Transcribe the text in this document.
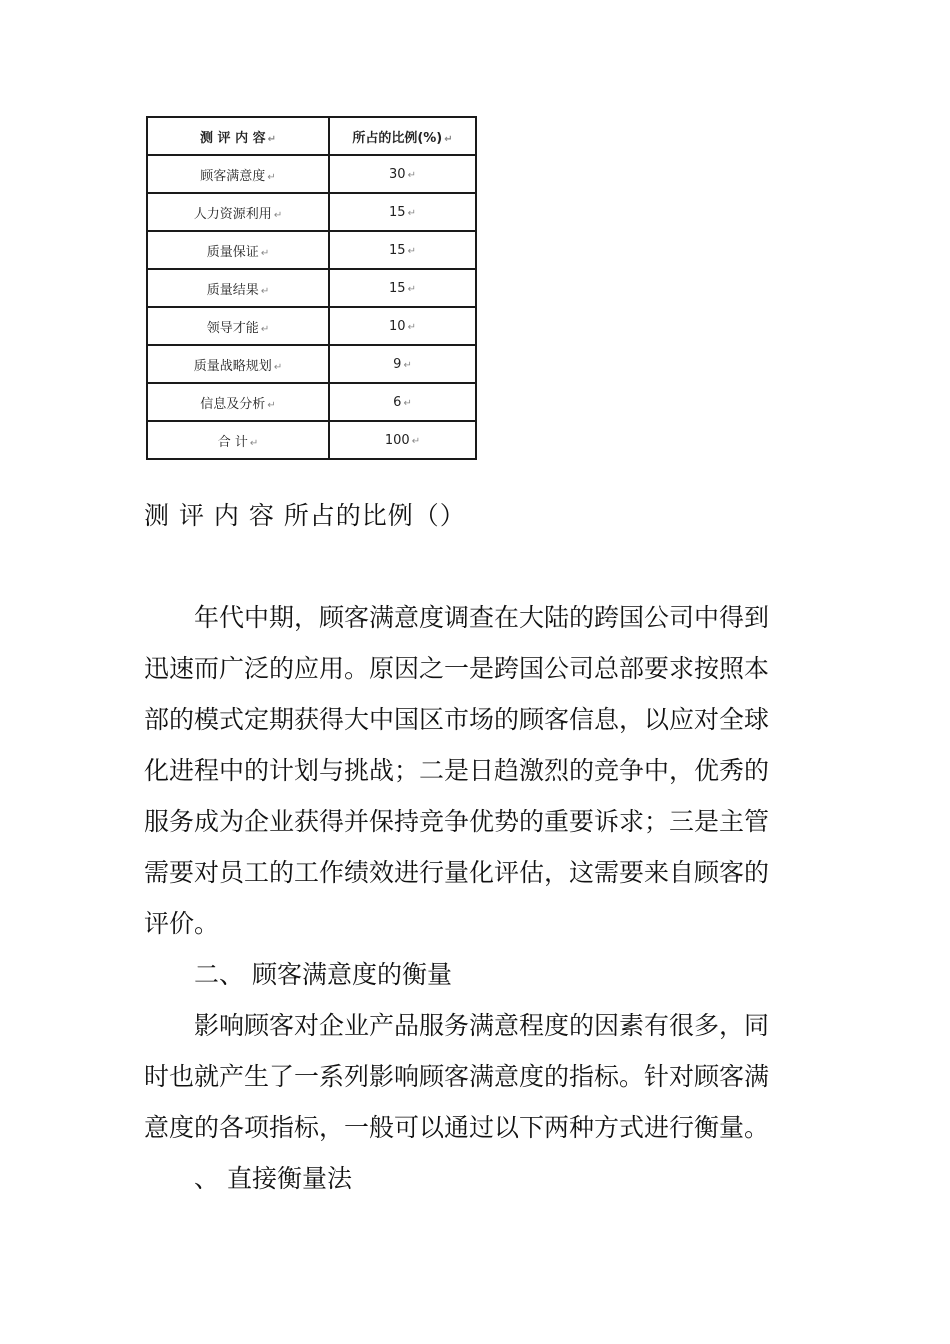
测 评 内 容 ↵	所占的比例(%) ↵
顾客满意度 ↵	30 ↵
人力资源利用 ↵	15 ↵
质量保证 ↵	15 ↵
质量结果 ↵	15 ↵
领导才能 ↵	10 ↵
质量战略规划 ↵	9 ↵
信息及分析 ↵	6 ↵
合 计 ↵	100 ↵
测 评 内 容 所占的比例（）

年代中期，顾客满意度调查在大陆的跨国公司中得到迅速而广泛的应用。原因之一是跨国公司总部要求按照本部的模式定期获得大中国区市场的顾客信息，以应对全球化进程中的计划与挑战；二是日趋激烈的竞争中，优秀的服务成为企业获得并保持竞争优势的重要诉求；三是主管需要对员工的工作绩效进行量化评估，这需要来自顾客的评价。

二、 顾客满意度的衡量

影响顾客对企业产品服务满意程度的因素有很多，同时也就产生了一系列影响顾客满意度的指标。针对顾客满意度的各项指标，一般可以通过以下两种方式进行衡量。

、 直接衡量法
